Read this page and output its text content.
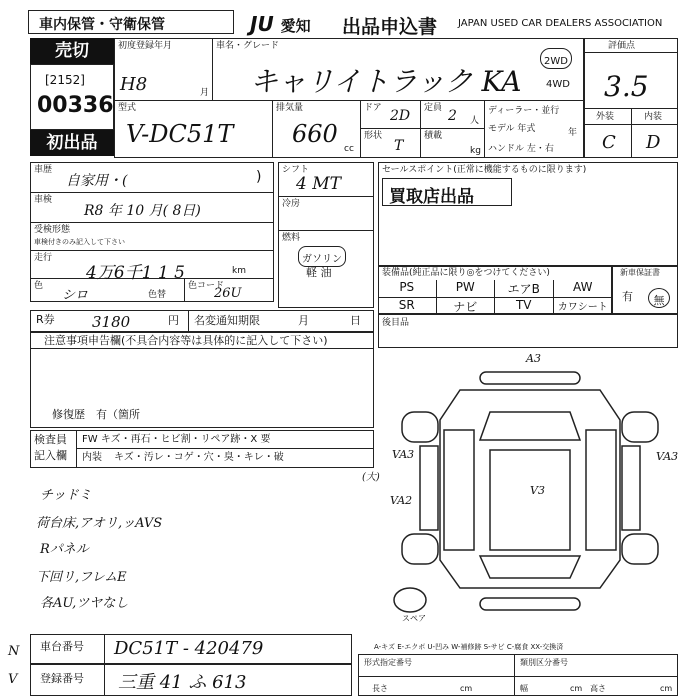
車内保管・守衛保管	JU 愛知 出品申込書 JAPAN USED CAR DEALERS ASSOCIATION
売切
[2152]
00336
初出品
初度登録年月
H8	月
車名・グレード
キャリイトラック KA
2WD
4WD
型式
V-DC51T
排気量
660
cc
ドア 2D 定員 2 人
形状
T
積載
kg
ディーラー・並行
モデル 年式	年
ハンドル 左・右
評価点
3.5
外装	内装
C D
車歴
自家用・(	)
車検
R8 年 10 月( 8日)
受検形態
車検付きのみ記入して下さい
走行
4万6千1 1 5	km
色
シロ	色替
色コード
26U
シフト
4 MT
冷房
燃料
ガソリン
軽 油
セールスポイント(正常に機能するものに限ります)
買取店出品
装備品(純正品に限り◎をつけてください)
PS	PW	エアB	AW
SR	ナビ	TV	カワシート
新車保証書
有	無
R券 3180	円 名変通知期限	月	日 後目品
注意事項申告欄(不具合内容等は具体的に記入して下さい)
修復歴　有（箇所
検査員
記入欄
FW キズ・再石・ヒビ割・リペア跡・X 要
内装 キズ・汚レ・コゲ・穴・臭・キレ・破
(大)
チッドミ
荷台床,アオリ,ッAVS
Rパネル
下回リ,フレムE
各AU,ツヤなし
A3
VA3
VA3
VA2
V3
スペア
A-キズ E-エクボ U-凹み W-補修跡 S-サビ C-腐食 XX-交換済
N
V
車台番号 DC51T - 420479
登録番号 三重 41 ふ 613
形式指定番号	類別区分番号
長さ	cm	幅	cm 高さ	cm
